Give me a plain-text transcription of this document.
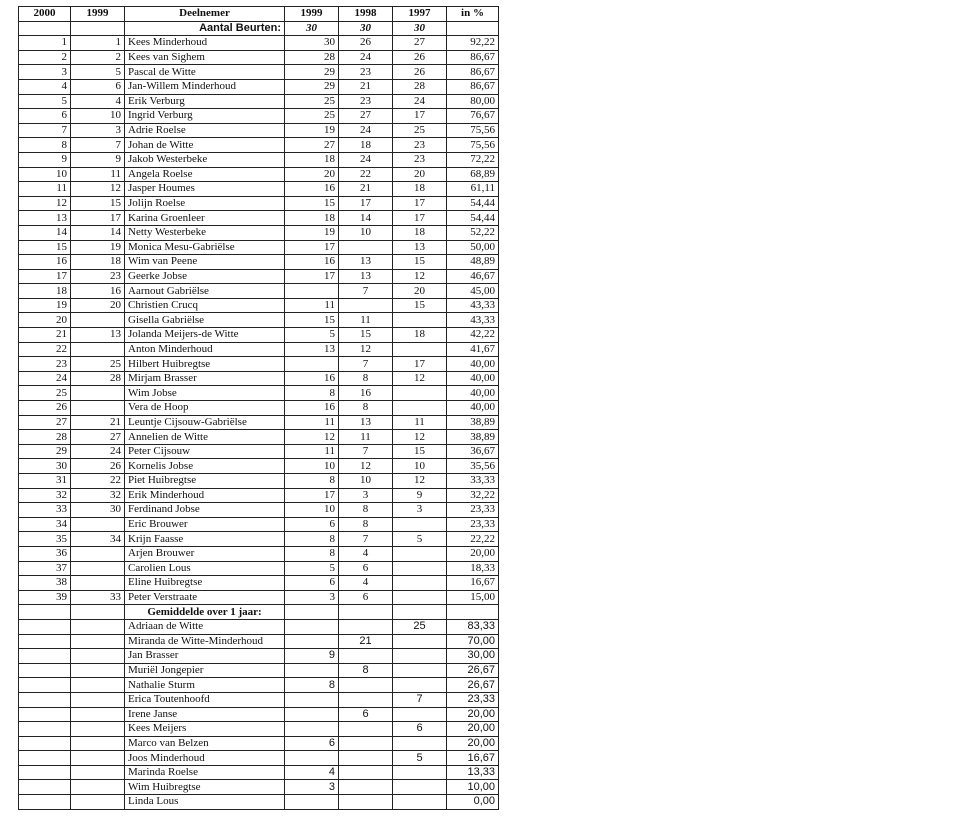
2000	1999	Deelnemer	1999	1998	1997	in %
		Aantal Beurten:	30	30	30	
1	1	Kees Minderhoud	30	26	27	92,22
2	2	Kees van Sighem	28	24	26	86,67
3	5	Pascal de Witte	29	23	26	86,67
4	6	Jan-Willem Minderhoud	29	21	28	86,67
5	4	Erik Verburg	25	23	24	80,00
6	10	Ingrid Verburg	25	27	17	76,67
7	3	Adrie Roelse	19	24	25	75,56
8	7	Johan de Witte	27	18	23	75,56
9	9	Jakob Westerbeke	18	24	23	72,22
10	11	Angela Roelse	20	22	20	68,89
11	12	Jasper Houmes	16	21	18	61,11
12	15	Jolijn Roelse	15	17	17	54,44
13	17	Karina Groenleer	18	14	17	54,44
14	14	Netty Westerbeke	19	10	18	52,22
15	19	Monica Mesu-Gabriëlse	17		13	50,00
16	18	Wim van Peene	16	13	15	48,89
17	23	Geerke Jobse	17	13	12	46,67
18	16	Aarnout Gabriëlse		7	20	45,00
19	20	Christien Crucq	11		15	43,33
20		Gisella Gabriëlse	15	11		43,33
21	13	Jolanda Meijers-de Witte	5	15	18	42,22
22		Anton Minderhoud	13	12		41,67
23	25	Hilbert Huibregtse		7	17	40,00
24	28	Mirjam Brasser	16	8	12	40,00
25		Wim Jobse	8	16		40,00
26		Vera de Hoop	16	8		40,00
27	21	Leuntje Cijsouw-Gabriëlse	11	13	11	38,89
28	27	Annelien de Witte	12	11	12	38,89
29	24	Peter Cijsouw	11	7	15	36,67
30	26	Kornelis Jobse	10	12	10	35,56
31	22	Piet Huibregtse	8	10	12	33,33
32	32	Erik Minderhoud	17	3	9	32,22
33	30	Ferdinand Jobse	10	8	3	23,33
34		Eric Brouwer	6	8		23,33
35	34	Krijn Faasse	8	7	5	22,22
36		Arjen Brouwer	8	4		20,00
37		Carolien Lous	5	6		18,33
38		Eline Huibregtse	6	4		16,67
39	33	Peter Verstraate	3	6		15,00
		Gemiddelde over 1 jaar:				
		Adriaan de Witte			25	83,33
		Miranda de Witte-Minderhoud		21		70,00
		Jan Brasser	9			30,00
		Muriël Jongepier		8		26,67
		Nathalie Sturm	8			26,67
		Erica Toutenhoofd			7	23,33
		Irene Janse		6		20,00
		Kees Meijers			6	20,00
		Marco van Belzen	6			20,00
		Joos Minderhoud			5	16,67
		Marinda Roelse	4			13,33
		Wim Huibregtse	3			10,00
		Linda Lous				0,00
